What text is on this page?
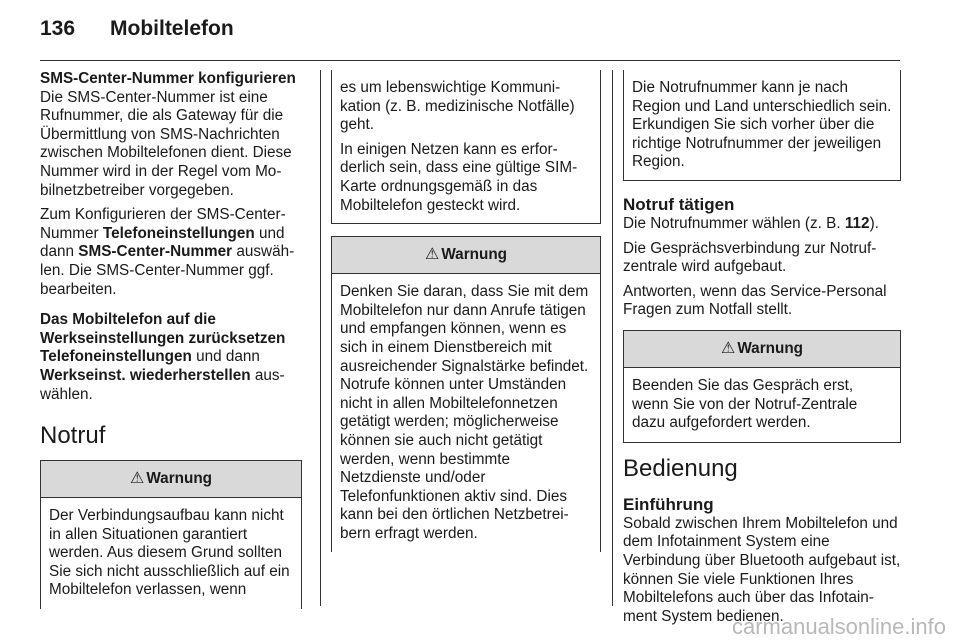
136 Mobiltelefon
SMS-Center-Nummer konfigurieren

Die SMS-Center-Nummer ist eine Rufnummer, die als Gateway für die Übermittlung von SMS-Nachrichten zwischen Mobiltelefonen dient. Diese Nummer wird in der Regel vom Mobilnetzbetreiber vorgegeben.

Zum Konfigurieren der SMS-Center-Nummer Telefoneinstellungen und dann SMS-Center-Nummer auswählen. Die SMS-Center-Nummer ggf. bearbeiten.

Das Mobiltelefon auf die Werkseinstellungen zurücksetzen

Telefoneinstellungen und dann Werkseinst. wiederherstellen auswählen.

Notruf
⚠ Warnung
Der Verbindungsaufbau kann nicht in allen Situationen garantiert werden. Aus diesem Grund sollten Sie sich nicht ausschließlich auf ein Mobiltelefon verlassen, wenn

es um lebenswichtige Kommunikation (z. B. medizinische Notfälle) geht.

In einigen Netzen kann es erforderlich sein, dass eine gültige SIM-Karte ordnungsgemäß in das Mobiltelefon gesteckt wird.

⚠ Warnung
Denken Sie daran, dass Sie mit dem Mobiltelefon nur dann Anrufe tätigen und empfangen können, wenn es sich in einem Dienstbereich mit ausreichender Signalstärke befindet. Notrufe können unter Umständen nicht in allen Mobiltelefonnetzen getätigt werden; möglicherweise können sie auch nicht getätigt werden, wenn bestimmte Netzdienste und/oder Telefonfunktionen aktiv sind. Dies kann bei den örtlichen Netzbetreibern erfragt werden.
Die Notrufnummer kann je nach Region und Land unterschiedlich sein. Erkundigen Sie sich vorher über die richtige Notrufnummer der jeweiligen Region.
Notruf tätigen

Die Notrufnummer wählen (z. B. 112).

Die Gesprächsverbindung zur Notrufzentrale wird aufgebaut.

Antworten, wenn das Service-Personal Fragen zum Notfall stellt.

⚠ Warnung
Beenden Sie das Gespräch erst, wenn Sie von der Notruf-Zentrale dazu aufgefordert werden.
Bedienung
Einführung

Sobald zwischen Ihrem Mobiltelefon und dem Infotainment System eine Verbindung über Bluetooth aufgebaut ist, können Sie viele Funktionen Ihres Mobiltelefons auch über das Infotainment System bedienen.

carmanualsonline.info
